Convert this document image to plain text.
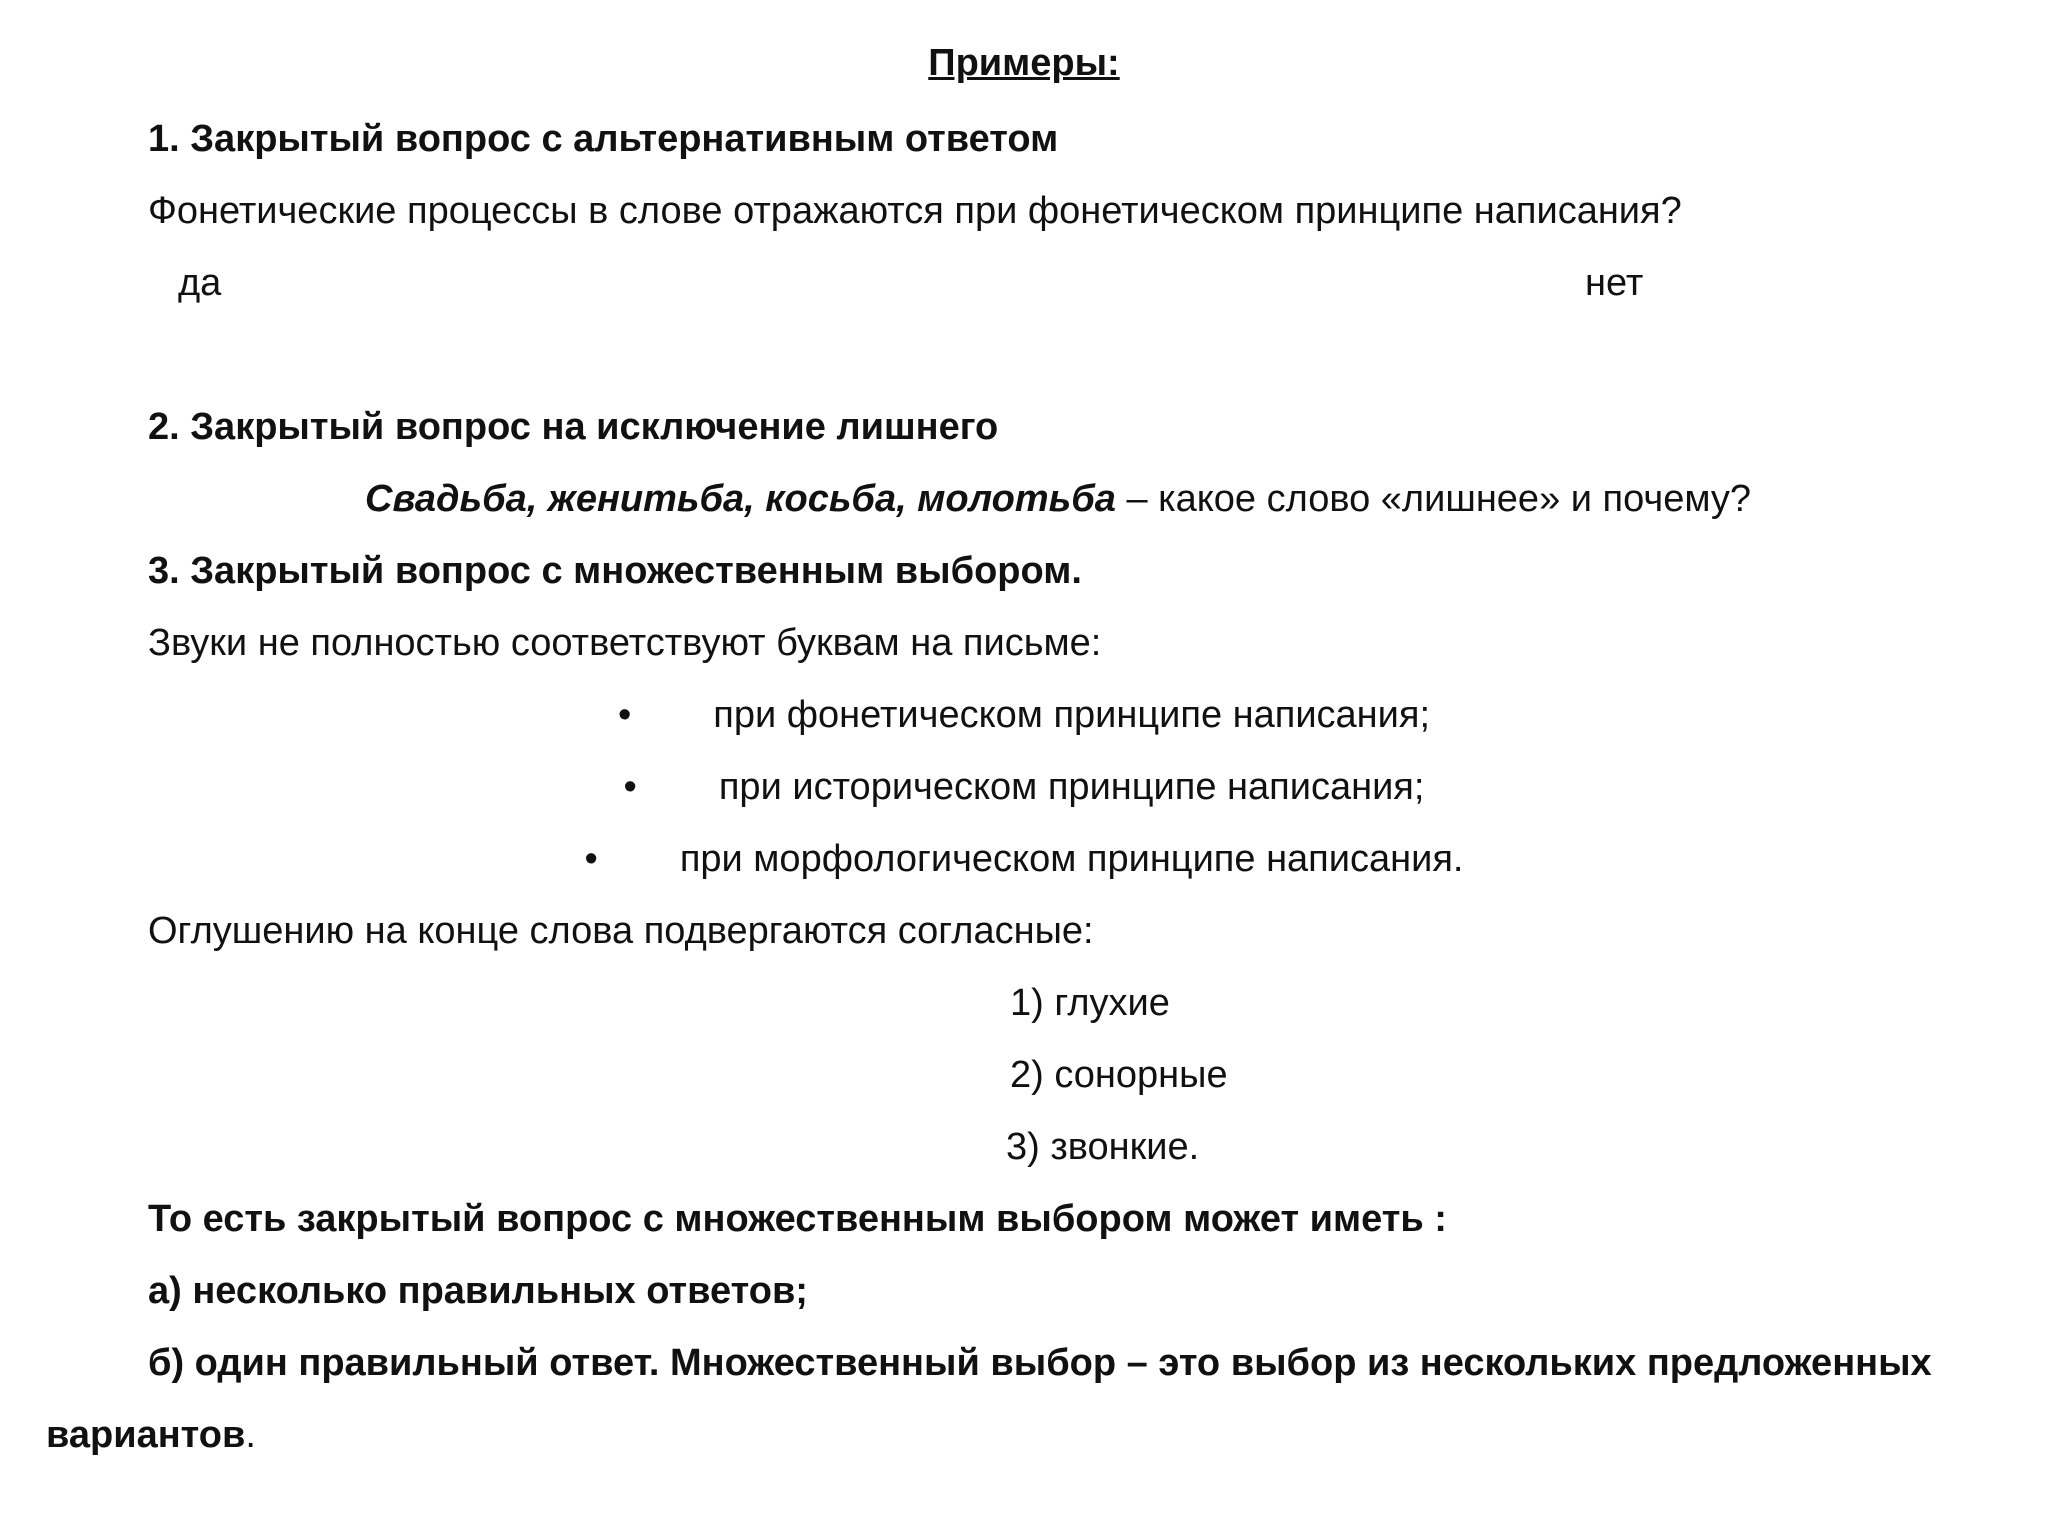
Примеры:
1. Закрытый вопрос с альтернативным ответом
Фонетические процессы в слове отражаются при фонетическом принципе написания?
да	нет
2. Закрытый вопрос на исключение лишнего
Свадьба, женитьба, косьба, молотьба – какое слово «лишнее» и почему?
3. Закрытый вопрос с множественным выбором.
Звуки не полностью соответствуют буквам на письме:
• при фонетическом принципе написания;
• при историческом принципе написания;
• при морфологическом принципе написания.
Оглушению на конце слова подвергаются согласные:
1) глухие
2) сонорные
3) звонкие.
То есть закрытый вопрос с множественным выбором может иметь :
а) несколько правильных ответов;
б) один правильный ответ. Множественный выбор – это выбор из нескольких предложенных
вариантов.
